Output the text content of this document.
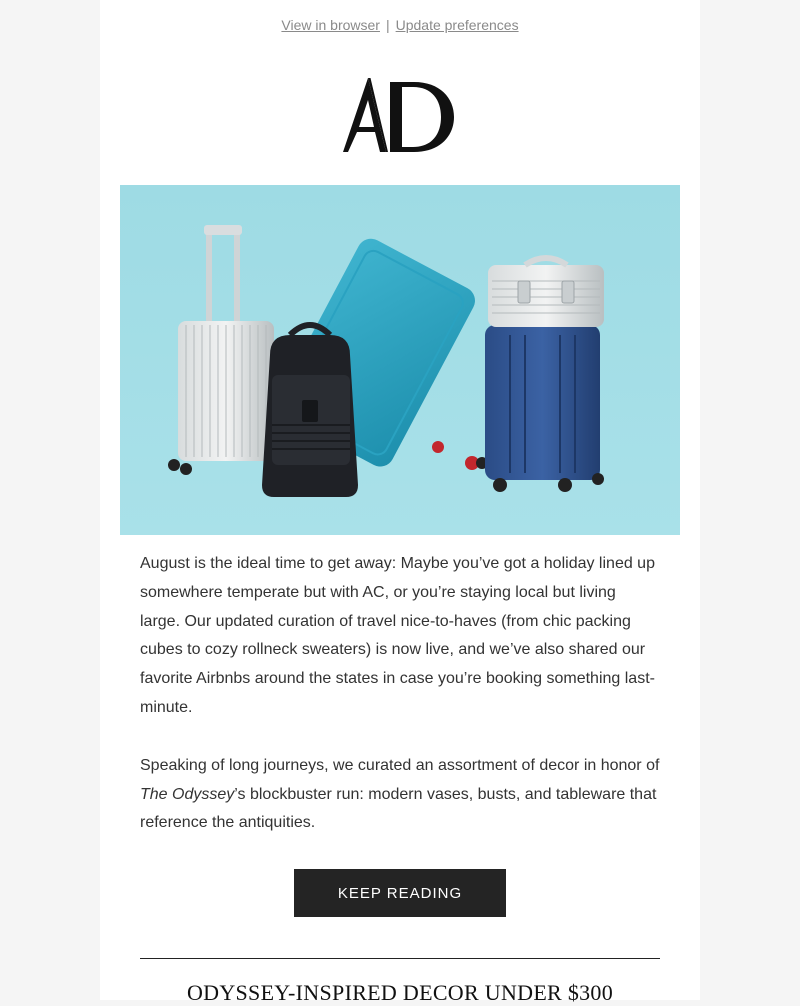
View in browser | Update preferences

August is the ideal time to get away: Maybe you’ve got a holiday lined up somewhere temperate but with AC, or you’re staying local but living large. Our updated curation of travel nice-to-haves (from chic packing cubes to cozy rollneck sweaters) is now live, and we’ve also shared our favorite Airbnbs around the states in case you’re booking something last-minute.

Speaking of long journeys, we curated an assortment of decor in honor of The Odyssey’s blockbuster run: modern vases, busts, and tableware that reference the antiquities.

KEEP READING
ODYSSEY-INSPIRED DECOR UNDER $300
